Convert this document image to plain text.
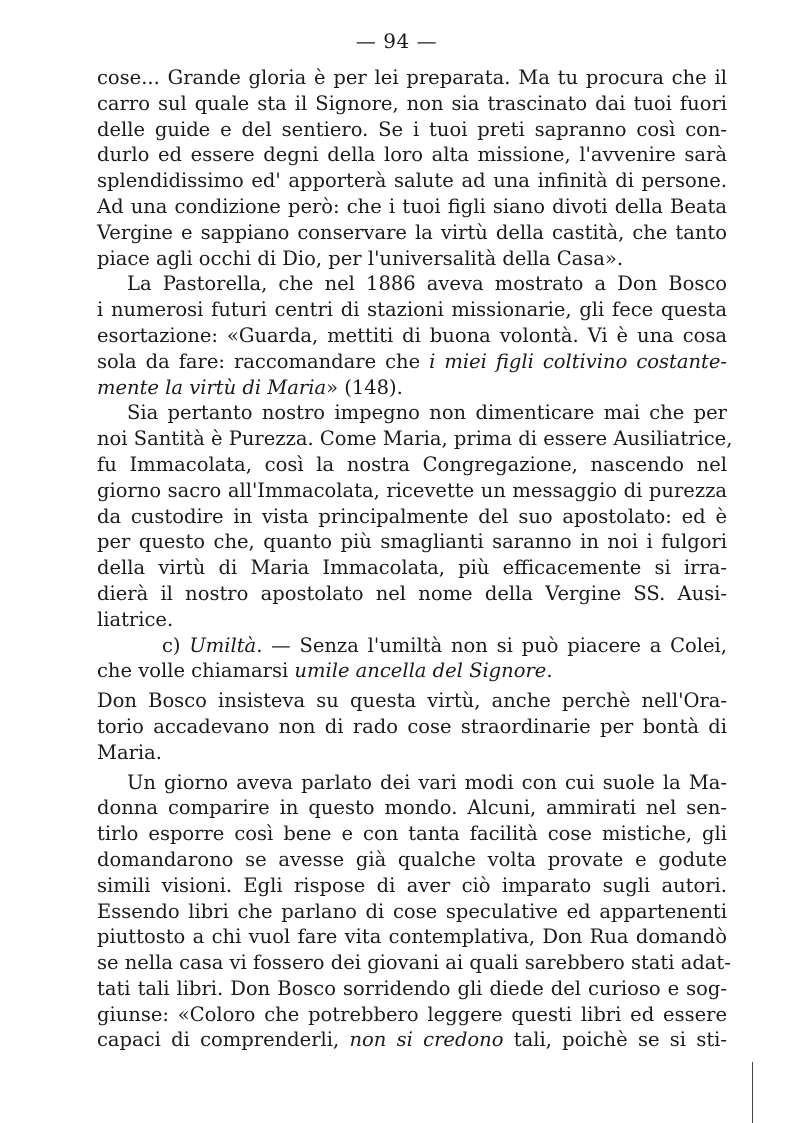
— 94 —
cose... Grande gloria è per lei preparata. Ma tu procura che il
carro sul quale sta il Signore, non sia trascinato dai tuoi fuori
delle guide e del sentiero. Se i tuoi preti sapranno così con-
durlo ed essere degni della loro alta missione, l'avvenire sarà
splendidissimo ed' apporterà salute ad una infinità di persone.
Ad una condizione però: che i tuoi figli siano divoti della Beata
Vergine e sappiano conservare la virtù della castità, che tanto
piace agli occhi di Dio, per l'universalità della Casa».
La Pastorella, che nel 1886 aveva mostrato a Don Bosco
i numerosi futuri centri di stazioni missionarie, gli fece questa
esortazione: «Guarda, mettiti di buona volontà. Vi è una cosa
sola da fare: raccomandare che i miei figli coltivino costante-
mente la virtù di Maria» (148).
Sia pertanto nostro impegno non dimenticare mai che per
noi Santità è Purezza. Come Maria, prima di essere Ausiliatrice,
fu Immacolata, così la nostra Congregazione, nascendo nel
giorno sacro all'Immacolata, ricevette un messaggio di purezza
da custodire in vista principalmente del suo apostolato: ed è
per questo che, quanto più smaglianti saranno in noi i fulgori
della virtù di Maria Immacolata, più efficacemente si irra-
dierà il nostro apostolato nel nome della Vergine SS. Ausi-
liatrice.
c) Umiltà. — Senza l'umiltà non si può piacere a Colei,
che volle chiamarsi umile ancella del Signore.
Don Bosco insisteva su questa virtù, anche perchè nell'Ora-
torio accadevano non di rado cose straordinarie per bontà di
Maria.
Un giorno aveva parlato dei vari modi con cui suole la Ma-
donna comparire in questo mondo. Alcuni, ammirati nel sen-
tirlo esporre così bene e con tanta facilità cose mistiche, gli
domandarono se avesse già qualche volta provate e godute
simili visioni. Egli rispose di aver ciò imparato sugli autori.
Essendo libri che parlano di cose speculative ed appartenenti
piuttosto a chi vuol fare vita contemplativa, Don Rua domandò
se nella casa vi fossero dei giovani ai quali sarebbero stati adat-
tati tali libri. Don Bosco sorridendo gli diede del curioso e sog-
giunse: «Coloro che potrebbero leggere questi libri ed essere
capaci di comprenderli, non si credono tali, poichè se si sti-
